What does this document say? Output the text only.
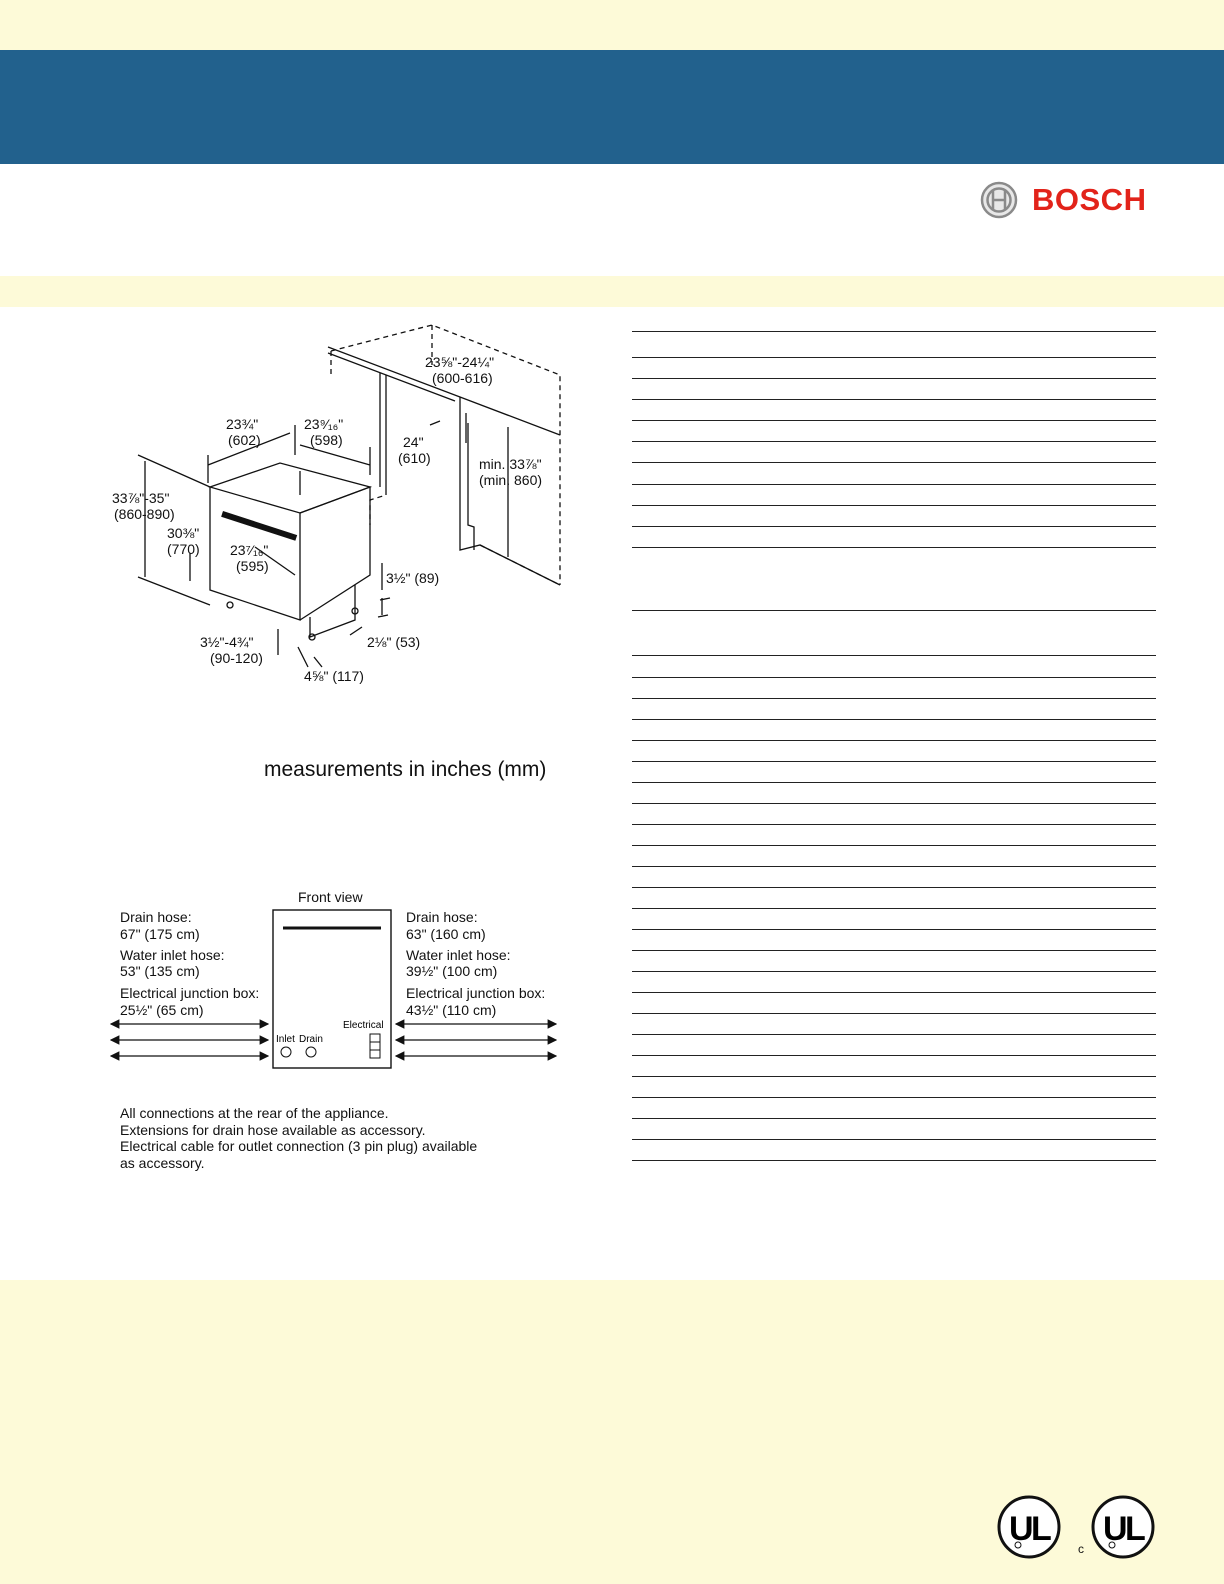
BOSCH
23⅝"-24¼"
(600-616)
23¾"
(602)
23⁹⁄₁₆"
(598)	24"
(610)	min. 33⅞"
(min. 860)
33⅞"-35"
(860-890)
30⅜"
(770) 23⁷⁄₁₆"
(595)
3½" (89)
2⅛" (53)
3½"-4¾"
(90-120)
4⅝" (117)
measurements in inches (mm)
Front view
Inlet Drain
Electrical
Drain hose:
67" (175 cm)
Water inlet hose:
53" (135 cm)
Electrical junction box:
25½" (65 cm)
Drain hose:
63" (160 cm)
Water inlet hose:
39½" (100 cm)
Electrical junction box:
43½" (110 cm)
All connections at the rear of the appliance.
Extensions for drain hose available as accessory.
Electrical cable for outlet connection (3 pin plug) available
as accessory.
U
L
c
U
L
